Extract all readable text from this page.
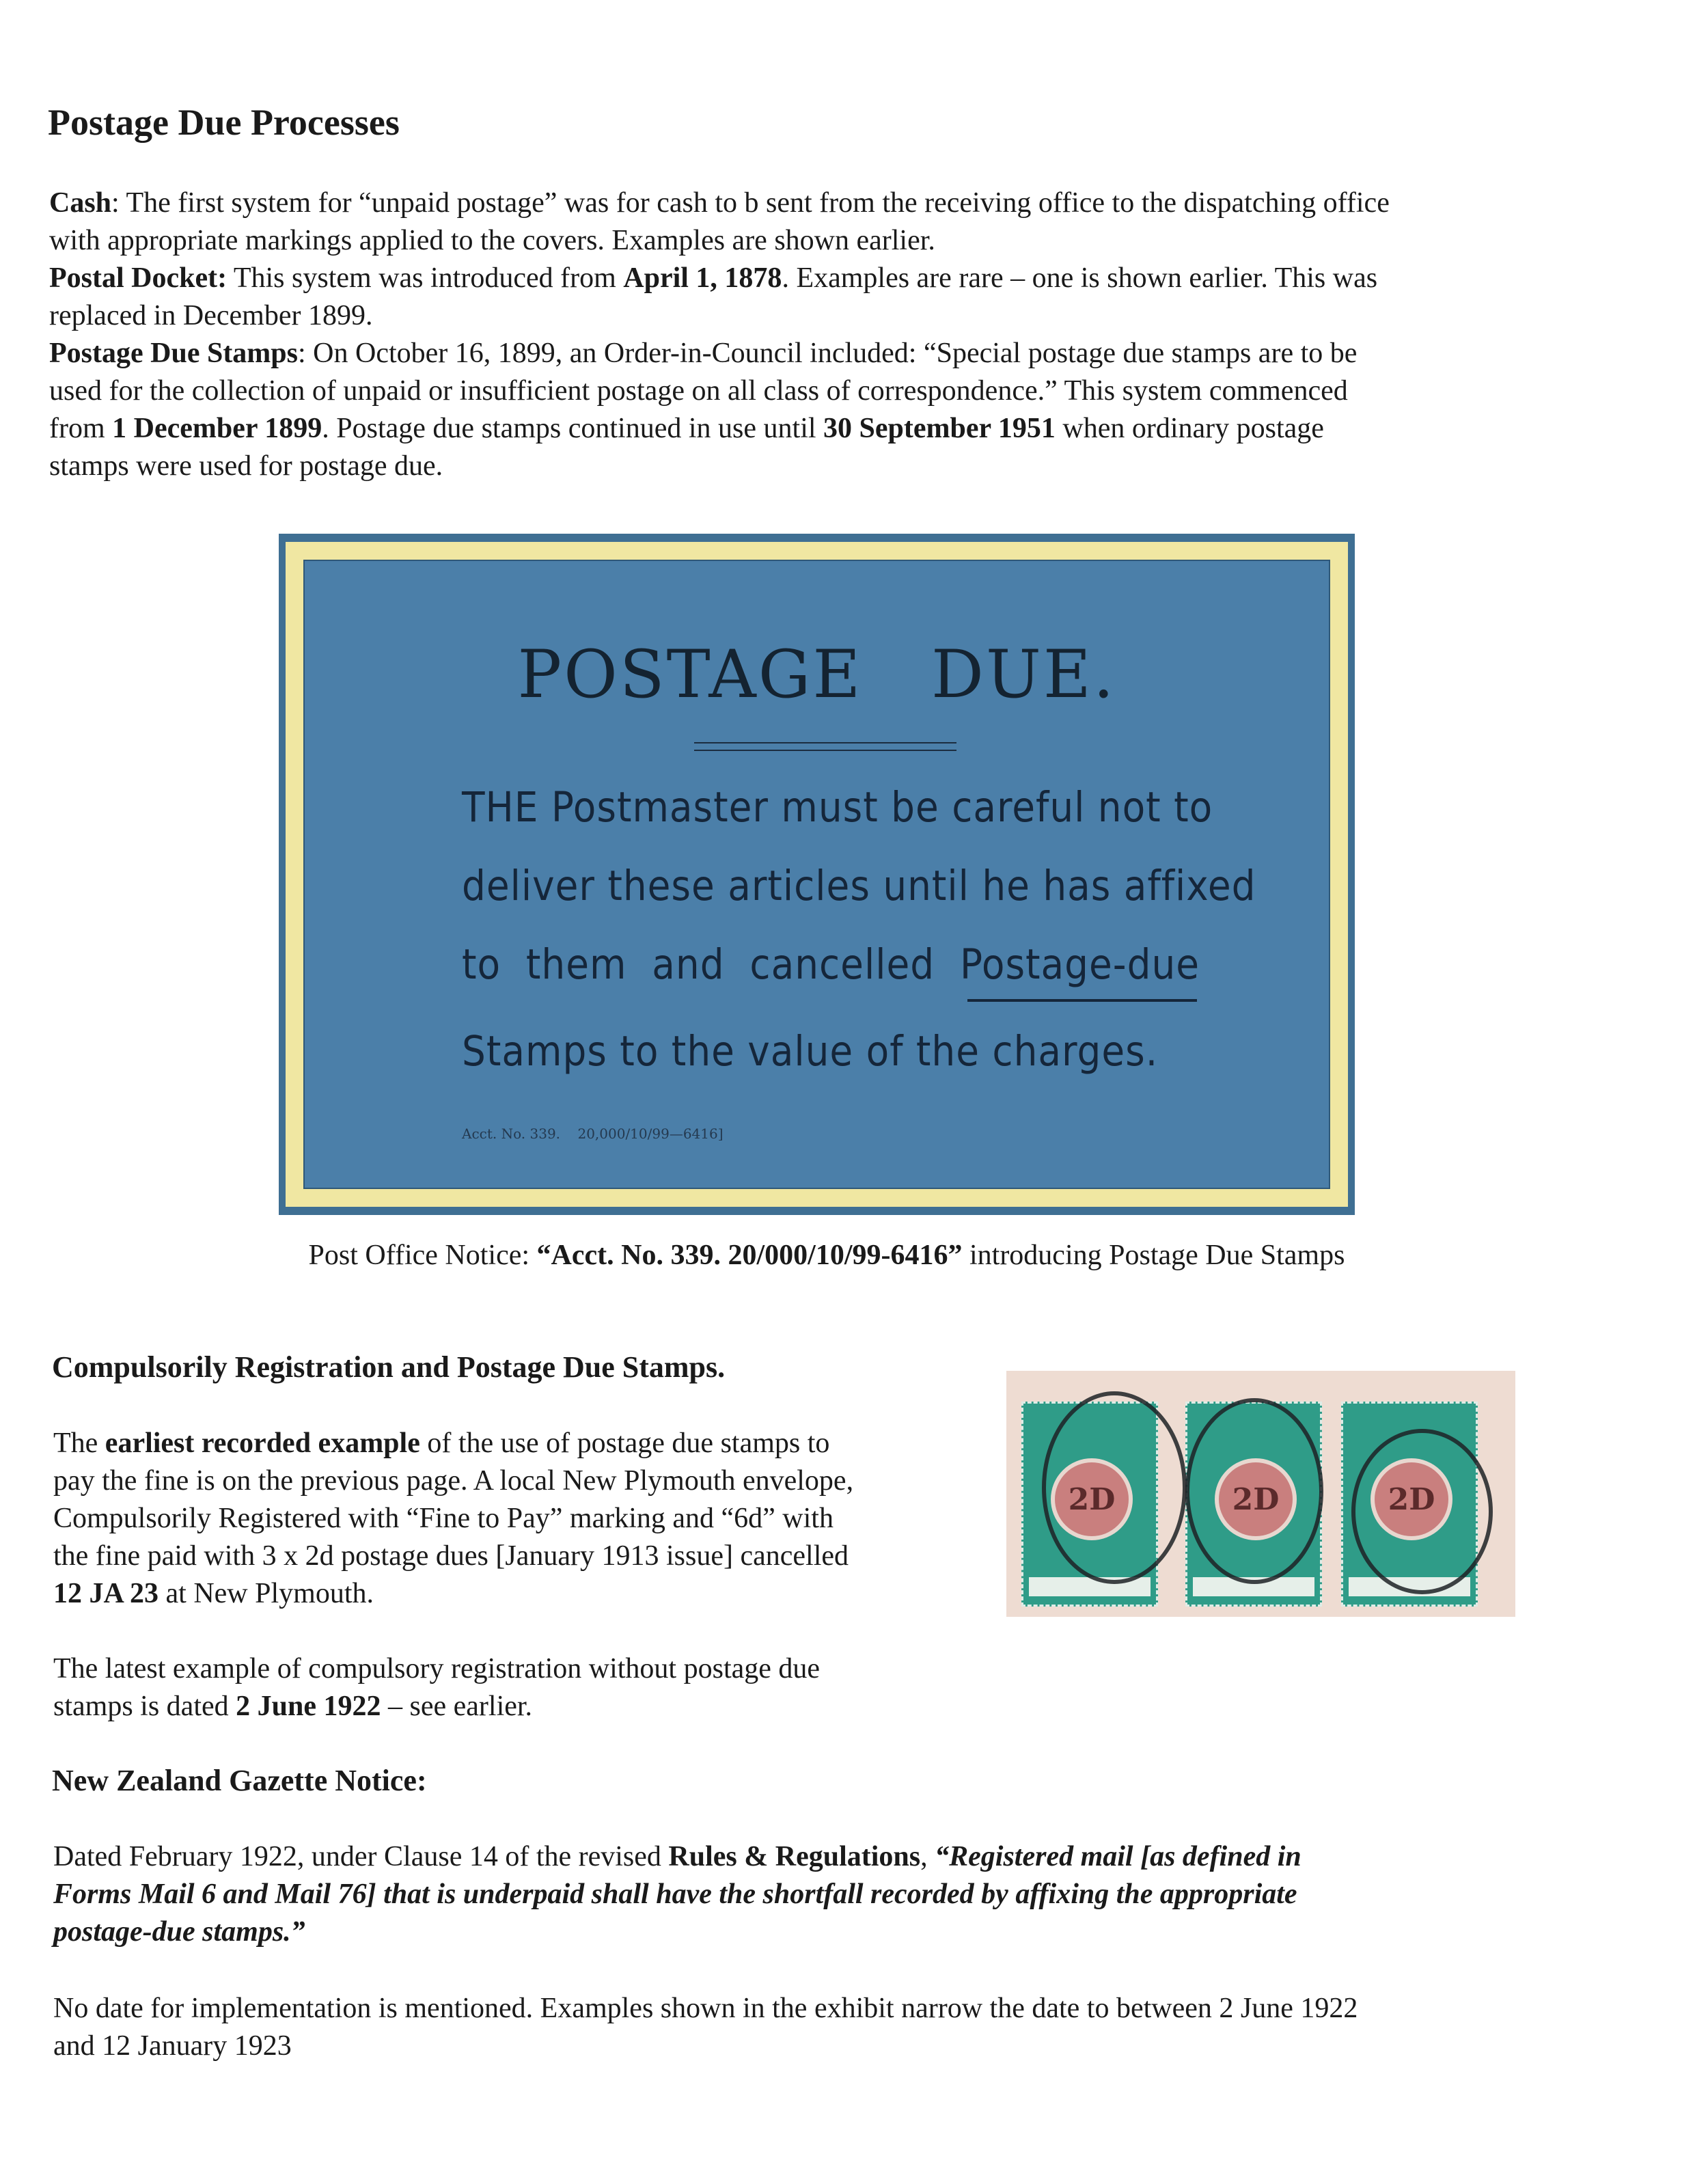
Postage Due Processes

Cash: The first system for “unpaid postage” was for cash to b sent from the receiving office to the dispatching office
with appropriate markings applied to the covers. Examples are shown earlier.

Postal Docket: This system was introduced from April 1, 1878. Examples are rare – one is shown earlier. This was
replaced in December 1899.

Postage Due Stamps: On October 16, 1899, an Order-in-Council included: “Special postage due stamps are to be
used for the collection of unpaid or insufficient postage on all class of correspondence.” This system commenced
from 1 December 1899. Postage due stamps continued in use until 30 September 1951 when ordinary postage
stamps were used for postage due.

POSTAGE   DUE.
THE Postmaster must be careful not to
deliver these articles until he has affixed
to  them  and  cancelled Postage-due
Stamps to the value of the charges.
Acct. No. 339.    20,000/10/99—6416]
Post Office Notice: “Acct. No. 339. 20/000/10/99-6416” introducing Postage Due Stamps
Compulsorily Registration and Postage Due Stamps.
The earliest recorded example of the use of postage due stamps to
pay the fine is on the previous page. A local New Plymouth envelope,
Compulsorily Registered with “Fine to Pay” marking and “6d” with
the fine paid with 3 x 2d postage dues [January 1913 issue] cancelled
12 JA 23 at New Plymouth.
The latest example of compulsory registration without postage due
stamps is dated 2 June 1922 – see earlier.
2D	2D	2D
New Zealand Gazette Notice:
Dated February 1922, under Clause 14 of the revised Rules & Regulations, “Registered mail [as defined in
Forms Mail 6 and Mail 76] that is underpaid shall have the shortfall recorded by affixing the appropriate
postage-due stamps.”
No date for implementation is mentioned. Examples shown in the exhibit narrow the date to between 2 June 1922
and 12 January 1923
